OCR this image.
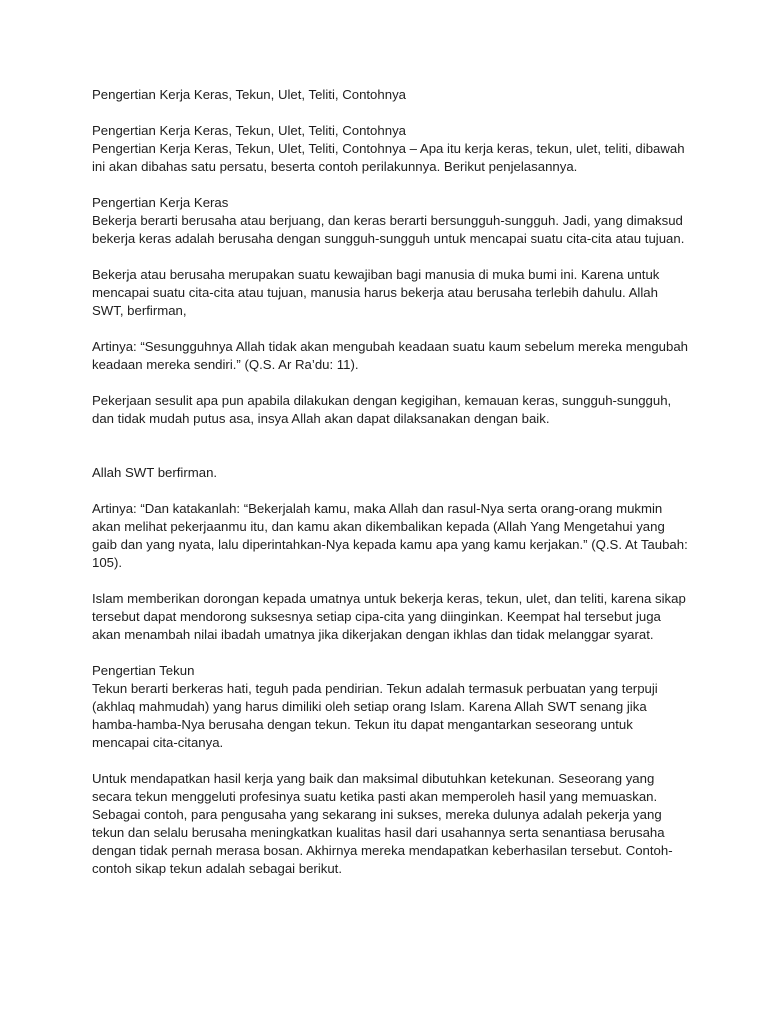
Pengertian Kerja Keras, Tekun, Ulet, Teliti, Contohnya

Pengertian Kerja Keras, Tekun, Ulet, Teliti, Contohnya

Pengertian Kerja Keras, Tekun, Ulet, Teliti, Contohnya – Apa itu kerja keras, tekun, ulet, teliti, dibawah ini akan dibahas satu persatu, beserta contoh perilakunnya. Berikut penjelasannya.

Pengertian Kerja Keras

Bekerja berarti berusaha atau berjuang, dan keras berarti bersungguh-sungguh. Jadi, yang dimaksud bekerja keras adalah berusaha dengan sungguh-sungguh untuk mencapai suatu cita-cita atau tujuan.

Bekerja atau berusaha merupakan suatu kewajiban bagi manusia di muka bumi ini. Karena untuk mencapai suatu cita-cita atau tujuan, manusia harus bekerja atau berusaha terlebih dahulu. Allah SWT, berfirman,

Artinya: “Sesungguhnya Allah tidak akan mengubah keadaan suatu kaum sebelum mereka mengubah keadaan mereka sendiri.” (Q.S. Ar Ra’du: 11).

Pekerjaan sesulit apa pun apabila dilakukan dengan kegigihan, kemauan keras, sungguh-sungguh, dan tidak mudah putus asa, insya Allah akan dapat dilaksanakan dengan baik.

Allah SWT berfirman.

Artinya: “Dan katakanlah: “Bekerjalah kamu, maka Allah dan rasul-Nya serta orang-orang mukmin akan melihat pekerjaanmu itu, dan kamu akan dikembalikan kepada (Allah Yang Mengetahui yang gaib dan yang nyata, lalu diperintahkan-Nya kepada kamu apa yang kamu kerjakan.” (Q.S. At Taubah: 105).

Islam memberikan dorongan kepada umatnya untuk bekerja keras, tekun, ulet, dan teliti, karena sikap tersebut dapat mendorong suksesnya setiap cipa-cita yang diinginkan. Keempat hal tersebut juga akan menambah nilai ibadah umatnya jika dikerjakan dengan ikhlas dan tidak melanggar syarat.

Pengertian Tekun

Tekun berarti berkeras hati, teguh pada pendirian. Tekun adalah termasuk perbuatan yang terpuji (akhlaq mahmudah) yang harus dimiliki oleh setiap orang Islam. Karena Allah SWT senang jika hamba-hamba-Nya berusaha dengan tekun. Tekun itu dapat mengantarkan seseorang untuk mencapai cita-citanya.

Untuk mendapatkan hasil kerja yang baik dan maksimal dibutuhkan ketekunan. Seseorang yang secara tekun menggeluti profesinya suatu ketika pasti akan memperoleh hasil yang memuaskan. Sebagai contoh, para pengusaha yang sekarang ini sukses, mereka dulunya adalah pekerja yang tekun dan selalu berusaha meningkatkan kualitas hasil dari usahannya serta senantiasa berusaha dengan tidak pernah merasa bosan. Akhirnya mereka mendapatkan keberhasilan tersebut. Contoh-contoh sikap tekun adalah sebagai berikut.
